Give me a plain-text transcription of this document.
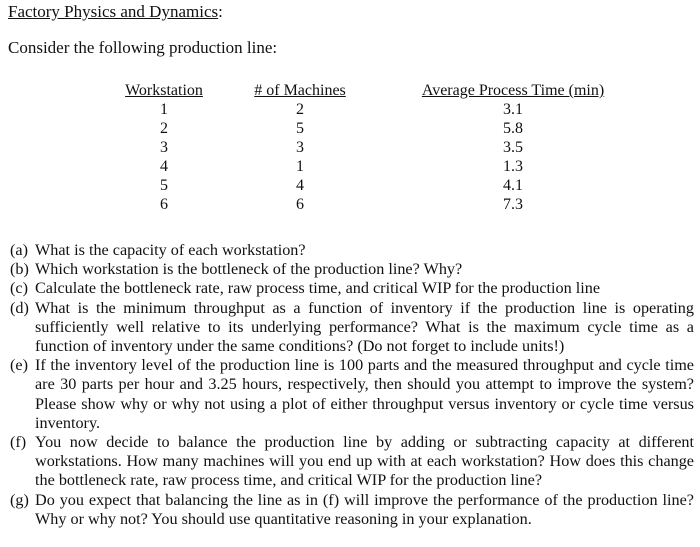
Factory Physics and Dynamics:
Consider the following production line:
Workstation
1
2
3
4
5
6
# of Machines
2
5
3
1
4
6
Average Process Time (min)
3.1
5.8
3.5
1.3
4.1
7.3
(a) What is the capacity of each workstation?
(b) Which workstation is the bottleneck of the production line? Why?
(c) Calculate the bottleneck rate, raw process time, and critical WIP for the production line
(d) What is the minimum throughput as a function of inventory if the production line is operating sufficiently well relative to its underlying performance? What is the maximum cycle time as a function of inventory under the same conditions? (Do not forget to include units!)
(e) If the inventory level of the production line is 100 parts and the measured throughput and cycle time are 30 parts per hour and 3.25 hours, respectively, then should you attempt to improve the system? Please show why or why not using a plot of either throughput versus inventory or cycle time versus inventory.
(f) You now decide to balance the production line by adding or subtracting capacity at different workstations. How many machines will you end up with at each workstation? How does this change the bottleneck rate, raw process time, and critical WIP for the production line?
(g) Do you expect that balancing the line as in (f) will improve the performance of the production line? Why or why not? You should use quantitative reasoning in your explanation.
